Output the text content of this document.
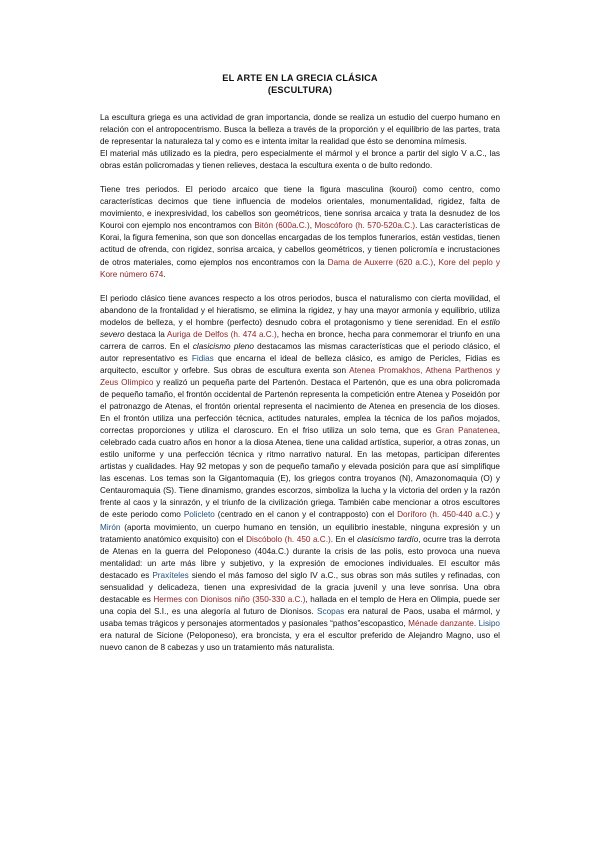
EL ARTE EN LA GRECIA CLÁSICA
(ESCULTURA)

La escultura griega es una actividad de gran importancia, donde se realiza un estudio del cuerpo humano en relación con el antropocentrismo. Busca la belleza a través de la proporción y el equilibrio de las partes, trata de representar la naturaleza tal y como es e intenta imitar la realidad que ésto se denomina mímesis.

El material más utilizado es la piedra, pero especialmente el mármol y el bronce a partir del siglo V a.C., las obras están policromadas y tienen relieves, destaca la escultura exenta o de bulto redondo.

Tiene tres periodos. El periodo arcaico que tiene la figura masculina (kouroi) como centro, como características decimos que tiene influencia de modelos orientales, monumentalidad, rigidez, falta de movimiento, e inexpresividad, los cabellos son geométricos, tiene sonrisa arcaica y trata la desnudez de los Kouroi con ejemplo nos encontramos con Bitón (600a.C.), Moscóforo (h. 570-520a.C.). Las características de Korai, la figura femenina, son que son doncellas encargadas de los templos funerarios, están vestidas, tienen actitud de ofrenda, con rigidez, sonrisa arcaica, y cabellos geométricos, y tienen policromía e incrustaciones de otros materiales, como ejemplos nos encontramos con la Dama de Auxerre (620 a.C.), Kore del peplo y Kore número 674.

El periodo clásico tiene avances respecto a los otros periodos, busca el naturalismo con cierta movilidad, el abandono de la frontalidad y el hieratismo, se elimina la rigidez, y hay una mayor armonía y equilibrio, utiliza modelos de belleza, y el hombre (perfecto) desnudo cobra el protagonismo y tiene serenidad. En el estilo severo destaca la Auriga de Delfos (h. 474 a.C.), hecha en bronce, hecha para conmemorar el triunfo en una carrera de carros. En el clasicismo pleno destacamos las mismas características que el periodo clásico, el autor representativo es Fidias que encarna el ideal de belleza clásico, es amigo de Pericles, Fidias es arquitecto, escultor y orfebre. Sus obras de escultura exenta son Atenea Promakhos, Athena Parthenos y Zeus Olímpico y realizó un pequeña parte del Partenón. Destaca el Partenón, que es una obra policromada de pequeño tamaño, el frontón occidental de Partenón representa la competición entre Atenea y Poseidón por el patronazgo de Atenas, el frontón oriental representa el nacimiento de Atenea en presencia de los dioses. En el frontón utiliza una perfección técnica, actitudes naturales, emplea la técnica de los paños mojados, correctas proporciones y utiliza el claroscuro. En el friso utiliza un solo tema, que es Gran Panatenea, celebrado cada cuatro años en honor a la diosa Atenea, tiene una calidad artística, superior, a otras zonas, un estilo uniforme y una perfección técnica y ritmo narrativo natural. En las metopas, participan diferentes artistas y cualidades. Hay 92 metopas y son de pequeño tamaño y elevada posición para que así simplifique las escenas. Los temas son la Gigantomaquia (E), los griegos contra troyanos (N), Amazonomaquia (O) y Centauromaquia (S). Tiene dinamismo, grandes escorzos, simboliza la lucha y la victoria del orden y la razón frente al caos y la sinrazón, y el triunfo de la civilización griega. También cabe mencionar a otros escultores de este periodo como Policleto (centrado en el canon y el contrapposto) con el Doríforo (h. 450-440 a.C.) y Mirón (aporta movimiento, un cuerpo humano en tensión, un equilibrio inestable, ninguna expresión y un tratamiento anatómico exquisito) con el Discóbolo (h. 450 a.C.). En el clasicismo tardío, ocurre tras la derrota de Atenas en la guerra del Peloponeso (404a.C.) durante la crisis de las polis, esto provoca una nueva mentalidad: un arte más libre y subjetivo, y la expresión de emociones individuales. El escultor más destacado es Praxíteles siendo el más famoso del siglo IV a.C., sus obras son más sutiles y refinadas, con sensualidad y delicadeza, tienen una expresividad de la gracia juvenil y una leve sonrisa. Una obra destacable es Hermes con Dionisos niño (350-330 a.C.), hallada en el templo de Hera en Olimpia, puede ser una copia del S.I., es una alegoría al futuro de Dionisos. Scopas era natural de Paos, usaba el mármol, y usaba temas trágicos y personajes atormentados y pasionales “pathos”escopastico, Ménade danzante. Lisipo era natural de Sicione (Peloponeso), era broncista, y era el escultor preferido de Alejandro Magno, uso el nuevo canon de 8 cabezas y uso un tratamiento más naturalista.
